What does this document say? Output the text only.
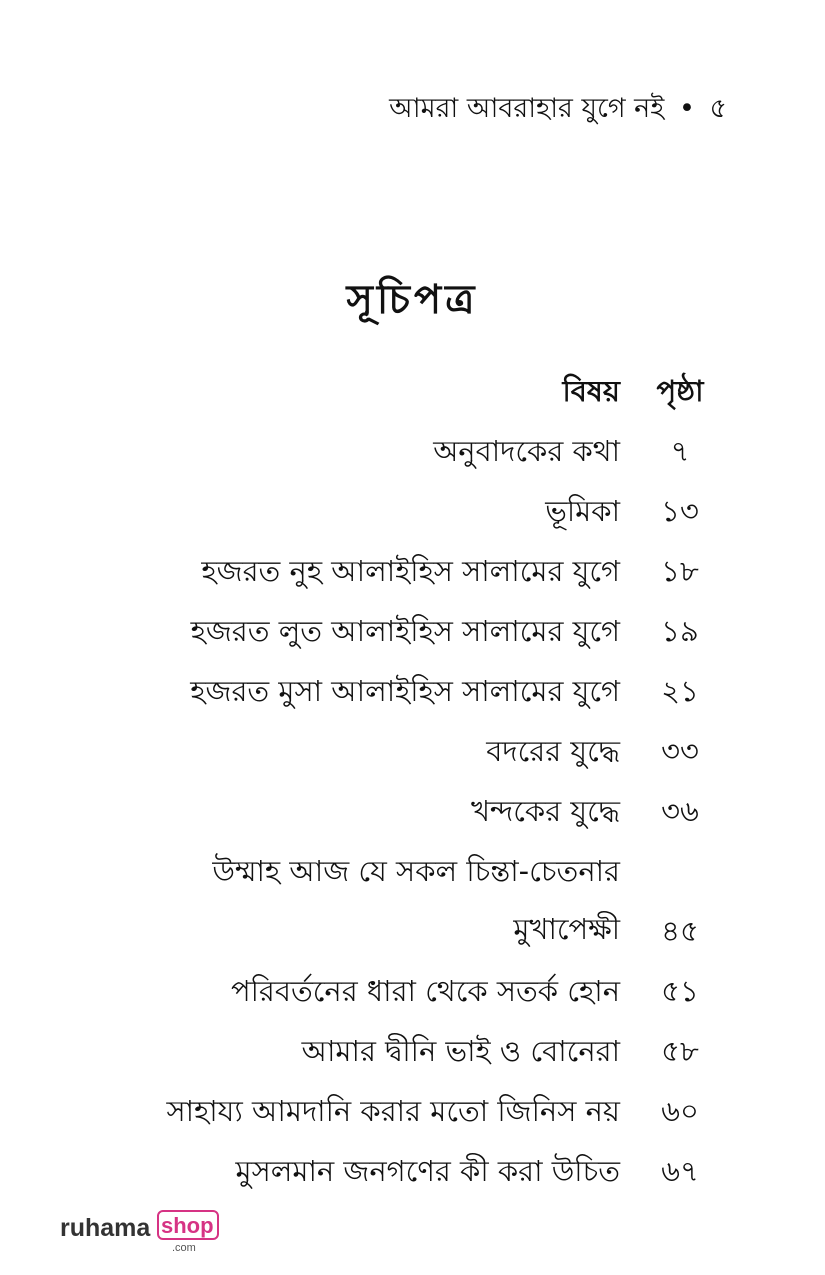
আমরা আবরাহার যুগে নই • ৫
সূচিপত্র
বিষয়	পৃষ্ঠা
অনুবাদকের কথা	৭
ভূমিকা	১৩
হজরত নুহ আলাইহিস সালামের যুগে	১৮
হজরত লুত আলাইহিস সালামের যুগে	১৯
হজরত মুসা আলাইহিস সালামের যুগে	২১
বদরের যুদ্ধে	৩৩
খন্দকের যুদ্ধে	৩৬
উম্মাহ আজ যে সকল চিন্তা-চেতনার
মুখাপেক্ষী	৪৫
পরিবর্তনের ধারা থেকে সতর্ক হোন	৫১
আমার দ্বীনি ভাই ও বোনেরা	৫৮
সাহায্য আমদানি করার মতো জিনিস নয়	৬০
মুসলমান জনগণের কী করা উচিত	৬৭
ruhama shop
.com
